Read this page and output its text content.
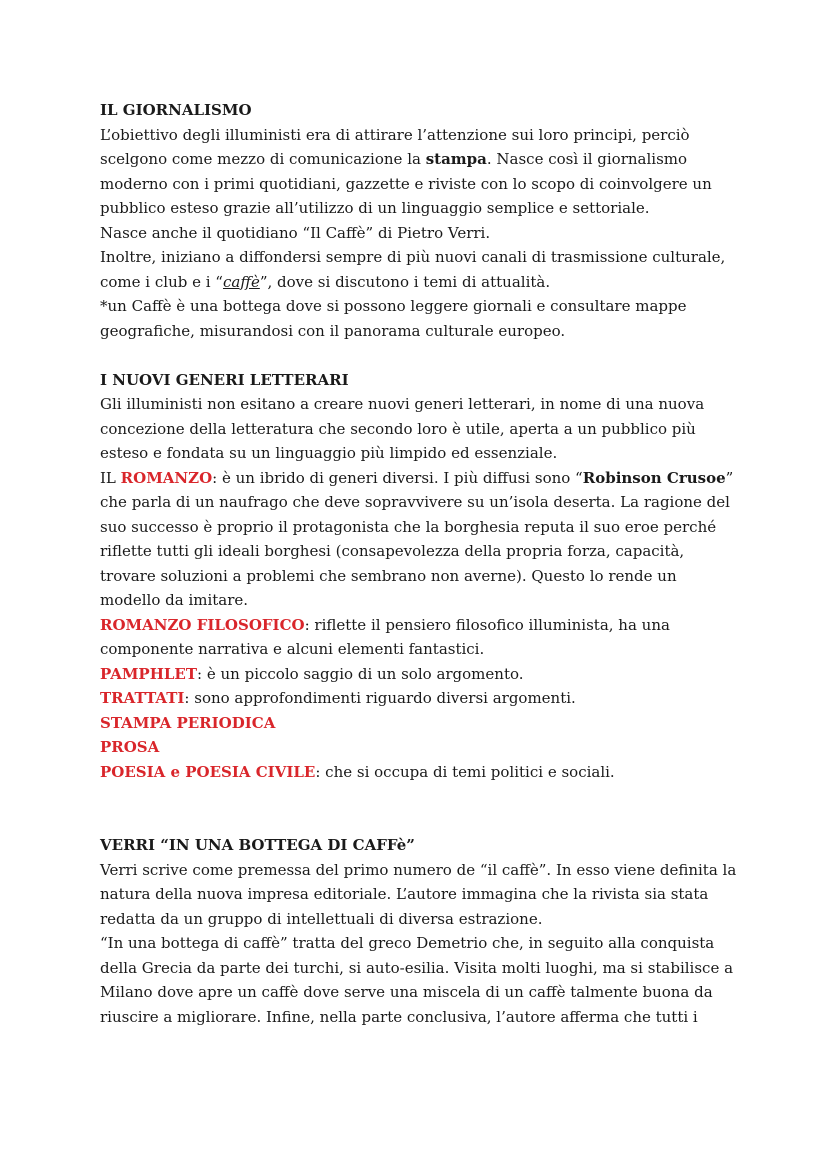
IL GIORNALISMO

L’obiettivo degli illuministi era di attirare l’attenzione sui loro principi, perciò scelgono come mezzo di comunicazione la stampa. Nasce così il giornalismo moderno con i primi quotidiani, gazzette e riviste con lo scopo di coinvolgere un pubblico esteso grazie all’utilizzo di un linguaggio semplice e settoriale.

Nasce anche il quotidiano “Il Caffè” di Pietro Verri.

Inoltre, iniziano a diffondersi sempre di più nuovi canali di trasmissione culturale, come i club e i “caffè”, dove si discutono i temi di attualità.

*un Caffè è una bottega dove si possono leggere giornali e consultare mappe geografiche, misurandosi con il panorama culturale europeo.

I NUOVI GENERI LETTERARI

Gli illuministi non esitano a creare nuovi generi letterari, in nome di una nuova concezione della letteratura che secondo loro è utile, aperta a un pubblico più esteso e fondata su un linguaggio più limpido ed essenziale.

IL ROMANZO: è un ibrido di generi diversi. I più diffusi sono “Robinson Crusoe” che parla di un naufrago che deve sopravvivere su un’isola deserta. La ragione del suo successo è proprio il protagonista che la borghesia reputa il suo eroe perché riflette tutti gli ideali borghesi (consapevolezza della propria forza, capacità, trovare soluzioni a problemi che sembrano non averne). Questo lo rende un modello da imitare.

ROMANZO FILOSOFICO: riflette il pensiero filosofico illuminista, ha una componente narrativa e alcuni elementi fantastici.

PAMPHLET: è un piccolo saggio di un solo argomento.

TRATTATI: sono approfondimenti riguardo diversi argomenti.

STAMPA PERIODICA

PROSA

POESIA e POESIA CIVILE: che si occupa di temi politici e sociali.

VERRI “IN UNA BOTTEGA DI CAFFè”

Verri scrive come premessa del primo numero de “il caffè”. In esso viene definita la natura della nuova impresa editoriale. L’autore immagina che la rivista sia stata redatta da un gruppo di intellettuali di diversa estrazione.

“In una bottega di caffè” tratta del greco Demetrio che, in seguito alla conquista della Grecia da parte dei turchi, si auto-esilia. Visita molti luoghi, ma si stabilisce a Milano dove apre un caffè dove serve una miscela di un caffè talmente buona da riuscire a migliorare. Infine, nella parte conclusiva, l’autore afferma che tutti i
